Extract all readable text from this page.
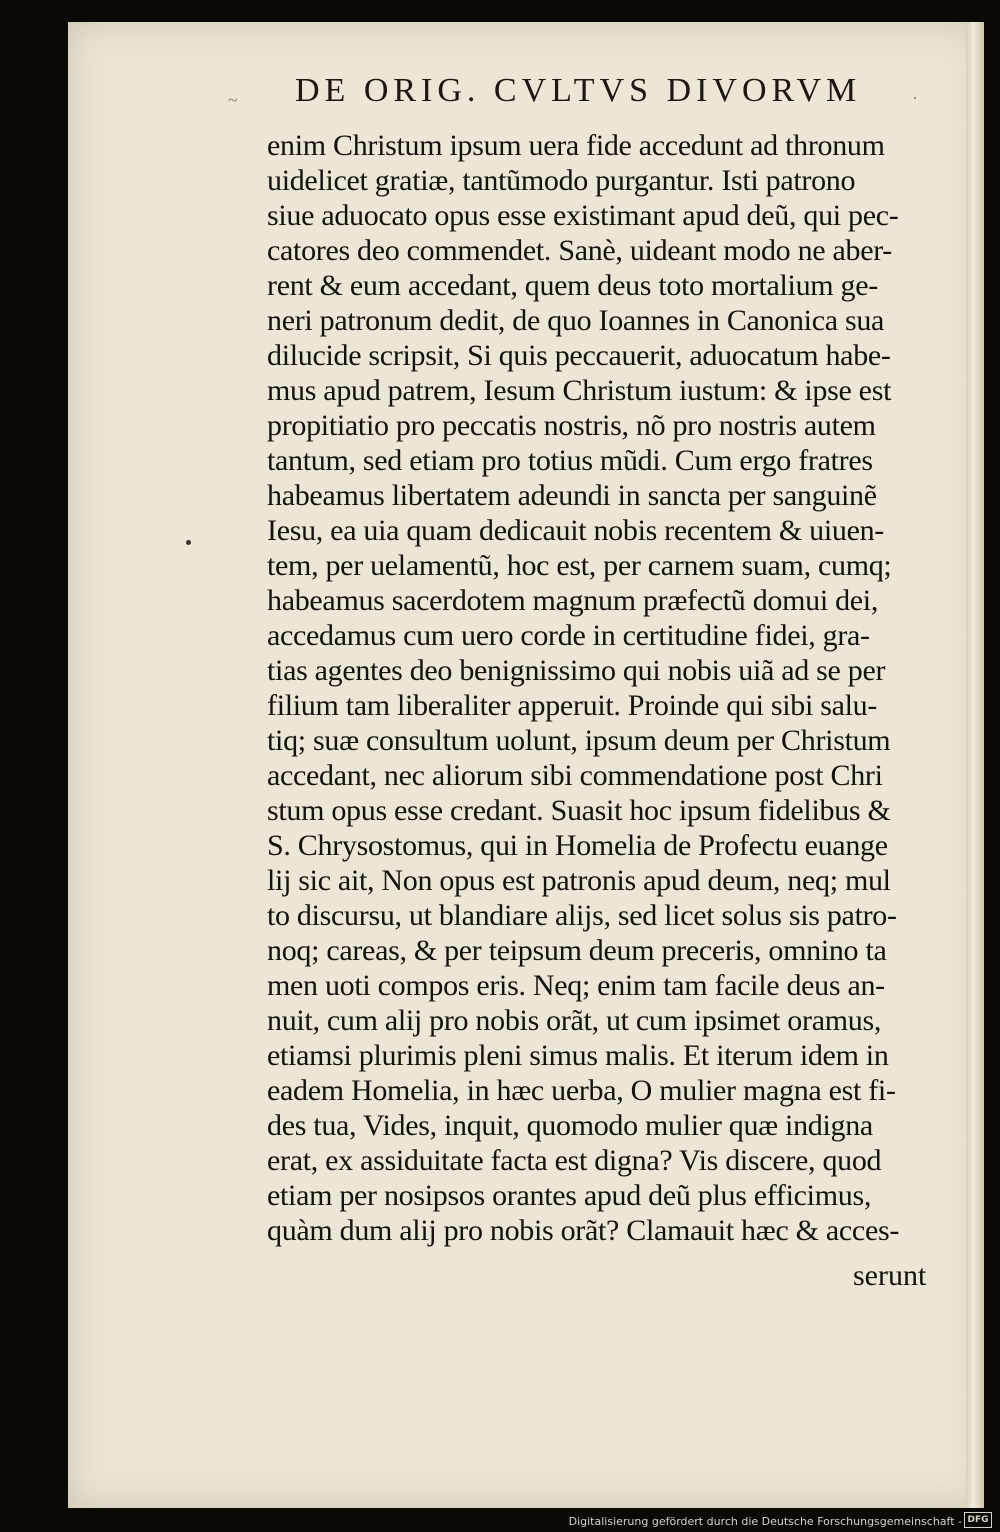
~ DE ORIG. CVLTVS DIVORVM	·
enim Christum ipsum uera fide accedunt ad thronum
uidelicet gratiæ, tantũmodo purgantur. Isti patrono
siue aduocato opus esse existimant apud deũ, qui pec-
catores deo commendet. Sanè, uideant modo ne aber-
rent & eum accedant, quem deus toto mortalium ge-
neri patronum dedit, de quo Ioannes in Canonica sua
dilucide scripsit, Si quis peccauerit, aduocatum habe-
mus apud patrem, Iesum Christum iustum: & ipse est
propitiatio pro peccatis nostris, nõ pro nostris autem
tantum, sed etiam pro totius mũdi. Cum ergo fratres
habeamus libertatem adeundi in sancta per sanguinẽ
Iesu, ea uia quam dedicauit nobis recentem & uiuen-
tem, per uelamentũ, hoc est, per carnem suam, cumq;
habeamus sacerdotem magnum præfectũ domui dei,
accedamus cum uero corde in certitudine fidei, gra-
tias agentes deo benignissimo qui nobis uiã ad se per
filium tam liberaliter apperuit. Proinde qui sibi salu-
tiq; suæ consultum uolunt, ipsum deum per Christum
accedant, nec aliorum sibi commendatione post Chri
stum opus esse credant. Suasit hoc ipsum fidelibus &
S. Chrysostomus, qui in Homelia de Profectu euange
lij sic ait, Non opus est patronis apud deum, neq; mul
to discursu, ut blandiare alijs, sed licet solus sis patro-
noq; careas, & per teipsum deum preceris, omnino ta
men uoti compos eris. Neq; enim tam facile deus an-
nuit, cum alij pro nobis orãt, ut cum ipsimet oramus,
etiamsi plurimis pleni simus malis. Et iterum idem in
eadem Homelia, in hæc uerba, O mulier magna est fi-
des tua, Vides, inquit, quomodo mulier quæ indigna
erat, ex assiduitate facta est digna? Vis discere, quod
etiam per nosipsos orantes apud deũ plus efficimus,
quàm dum alij pro nobis orãt? Clamauit hæc & acces-
serunt
Digitalisierung gefördert durch die Deutsche Forschungsgemeinschaft - DFG
